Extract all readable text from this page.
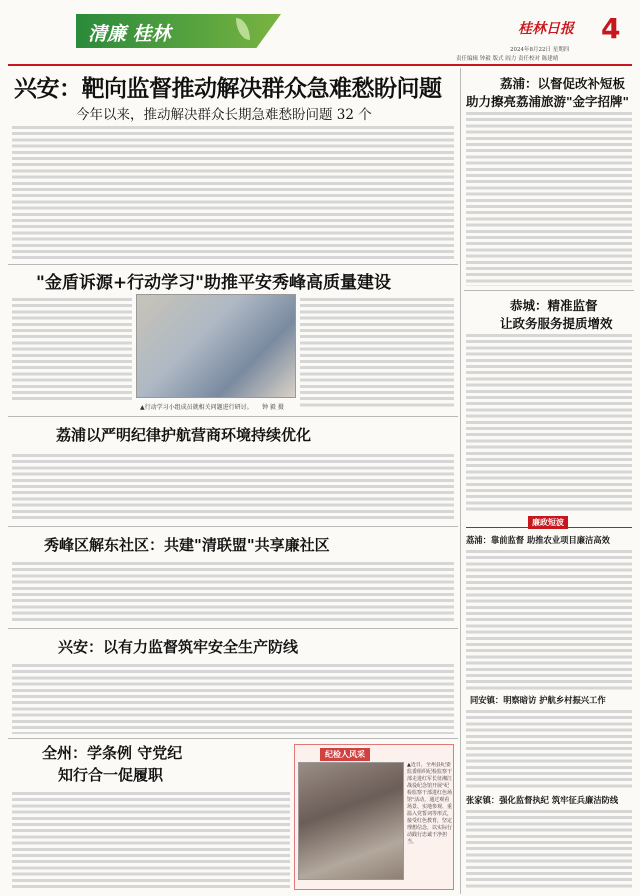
清廉 桂林	桂林日报 4
2024年8月22日 星期四
责任编辑 钟毅 版式 阎力 责任校对 陈建晴
兴安：靶向监督推动解决群众急难愁盼问题
今年以来，推动解决群众长期急难愁盼问题 32 个
"金盾诉源+行动学习"助推平安秀峰高质量建设
▲行动学习小组成员就相关问题进行研讨。 钟 毅 摄
荔浦以严明纪律护航营商环境持续优化
秀峰区解东社区：共建"清联盟"共享廉社区
兴安：以有力监督筑牢安全生产防线
全州：学条例 守党纪
知行合一促履职
纪检人风采
▲近日，全州县纪委监委组织纪检监察干部走进红军长征湘江战役纪念馆开展"纪检监察干部进红色场馆"活动，通过观看场景、实地参观、重温入党誓词等形式，接受红色教育，坚定理想信念，以实际行动践行忠诚干净担当。
荔浦：以督促改补短板
助力擦亮荔浦旅游"金字招牌"
恭城：精准监督
让政务服务提质增效
廉政短波
荔浦：靠前监督 助推农业项目廉洁高效
同安镇：明察暗访 护航乡村振兴工作
张家镇：强化监督执纪 筑牢征兵廉洁防线
